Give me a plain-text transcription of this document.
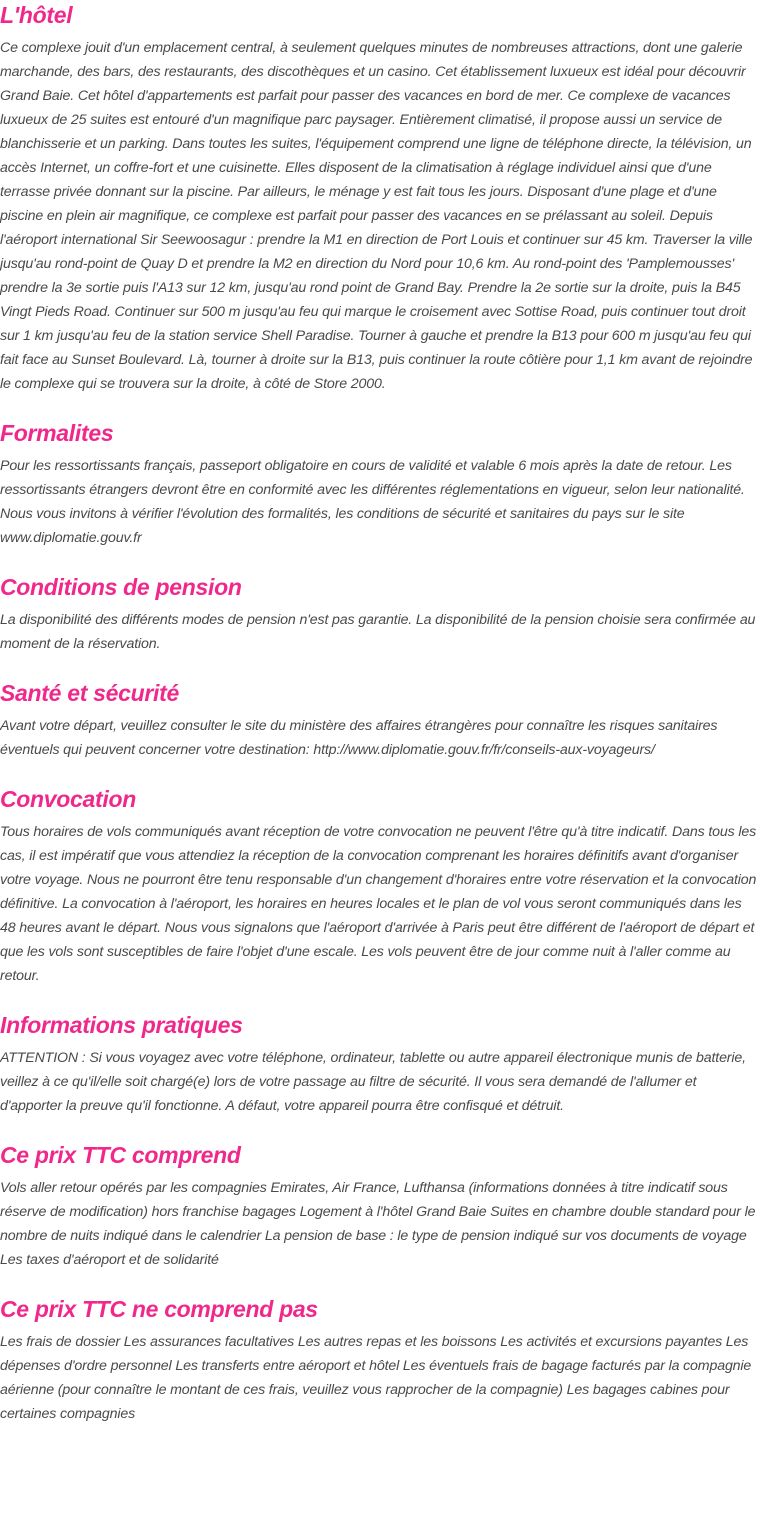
L'hôtel

Ce complexe jouit d'un emplacement central, à seulement quelques minutes de nombreuses attractions, dont une galerie marchande, des bars, des restaurants, des discothèques et un casino. Cet établissement luxueux est idéal pour découvrir Grand Baie. Cet hôtel d'appartements est parfait pour passer des vacances en bord de mer. Ce complexe de vacances luxueux de 25 suites est entouré d'un magnifique parc paysager. Entièrement climatisé, il propose aussi un service de blanchisserie et un parking. Dans toutes les suites, l'équipement comprend une ligne de téléphone directe, la télévision, un accès Internet, un coffre-fort et une cuisinette. Elles disposent de la climatisation à réglage individuel ainsi que d'une terrasse privée donnant sur la piscine. Par ailleurs, le ménage y est fait tous les jours. Disposant d'une plage et d'une piscine en plein air magnifique, ce complexe est parfait pour passer des vacances en se prélassant au soleil. Depuis l'aéroport international Sir Seewoosagur : prendre la M1 en direction de Port Louis et continuer sur 45 km. Traverser la ville jusqu'au rond-point de Quay D et prendre la M2 en direction du Nord pour 10,6 km. Au rond-point des 'Pamplemousses' prendre la 3e sortie puis l'A13 sur 12 km, jusqu'au rond point de Grand Bay. Prendre la 2e sortie sur la droite, puis la B45 Vingt Pieds Road. Continuer sur 500 m jusqu'au feu qui marque le croisement avec Sottise Road, puis continuer tout droit sur 1 km jusqu'au feu de la station service Shell Paradise. Tourner à gauche et prendre la B13 pour 600 m jusqu'au feu qui fait face au Sunset Boulevard. Là, tourner à droite sur la B13, puis continuer la route côtière pour 1,1 km avant de rejoindre le complexe qui se trouvera sur la droite, à côté de Store 2000.

Formalites

Pour les ressortissants français, passeport obligatoire en cours de validité et valable 6 mois après la date de retour. Les ressortissants étrangers devront être en conformité avec les différentes réglementations en vigueur, selon leur nationalité. Nous vous invitons à vérifier l'évolution des formalités, les conditions de sécurité et sanitaires du pays sur le site www.diplomatie.gouv.fr

Conditions de pension

La disponibilité des différents modes de pension n'est pas garantie. La disponibilité de la pension choisie sera confirmée au moment de la réservation.

Santé et sécurité

Avant votre départ, veuillez consulter le site du ministère des affaires étrangères pour connaître les risques sanitaires éventuels qui peuvent concerner votre destination: http://www.diplomatie.gouv.fr/fr/conseils-aux-voyageurs/

Convocation

Tous horaires de vols communiqués avant réception de votre convocation ne peuvent l'être qu'à titre indicatif. Dans tous les cas, il est impératif que vous attendiez la réception de la convocation comprenant les horaires définitifs avant d'organiser votre voyage. Nous ne pourront être tenu responsable d'un changement d'horaires entre votre réservation et la convocation définitive. La convocation à l'aéroport, les horaires en heures locales et le plan de vol vous seront communiqués dans les 48 heures avant le départ. Nous vous signalons que l'aéroport d'arrivée à Paris peut être différent de l'aéroport de départ et que les vols sont susceptibles de faire l'objet d'une escale. Les vols peuvent être de jour comme nuit à l'aller comme au retour.

Informations pratiques

ATTENTION : Si vous voyagez avec votre téléphone, ordinateur, tablette ou autre appareil électronique munis de batterie, veillez à ce qu'il/elle soit chargé(e) lors de votre passage au filtre de sécurité. Il vous sera demandé de l'allumer et d'apporter la preuve qu'il fonctionne. A défaut, votre appareil pourra être confisqué et détruit.

Ce prix TTC comprend

Vols aller retour opérés par les compagnies Emirates, Air France, Lufthansa (informations données à titre indicatif sous réserve de modification) hors franchise bagages Logement à l'hôtel Grand Baie Suites en chambre double standard pour le nombre de nuits indiqué dans le calendrier La pension de base : le type de pension indiqué sur vos documents de voyage Les taxes d'aéroport et de solidarité

Ce prix TTC ne comprend pas

Les frais de dossier Les assurances facultatives Les autres repas et les boissons Les activités et excursions payantes Les dépenses d'ordre personnel Les transferts entre aéroport et hôtel Les éventuels frais de bagage facturés par la compagnie aérienne (pour connaître le montant de ces frais, veuillez vous rapprocher de la compagnie) Les bagages cabines pour certaines compagnies
